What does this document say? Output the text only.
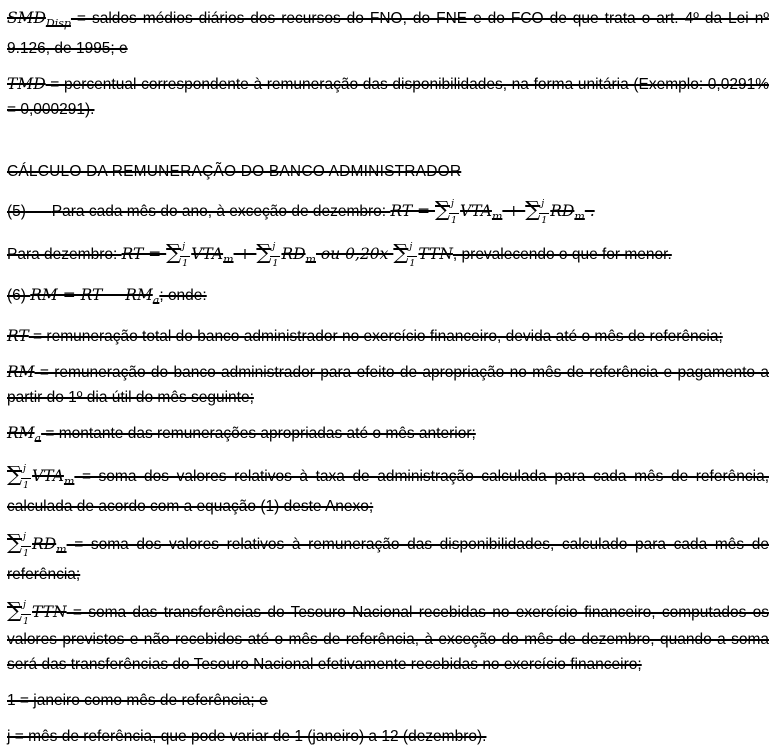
$SMD_{Disp}$ = saldos médios diários dos recursos do FNO, do FNE e do FCO de que trata o art. 4º da Lei nº 9.126, de 1995; e

TMD = percentual correspondente à remuneração das disponibilidades, na forma unitária (Exemplo: 0,0291% = 0,000291).

CÁLCULO DA REMUNERAÇÃO DO BANCO ADMINISTRADOR

(5) Para cada mês do ano, à exceção de dezembro: RT = ∑ j
1
$VTA_m$ + ∑ j
1
$RD_m$ .

Para dezembro: RT = ∑ j
1
$VTA_m$ + ∑ j
1
$RD_m$ ou 0,20x ∑ j
1
TTN, prevalecendo o que for menor.

(6) RM = RT − $RM_a$; onde:

RT = remuneração total do banco administrador no exercício financeiro, devida até o mês de referência;

RM = remuneração do banco administrador para efeito de apropriação no mês de referência e pagamento a partir do 1º dia útil do mês seguinte;

$RM_a$ = montante das remunerações apropriadas até o mês anterior;

∑ j
1
$VTA_m$ = soma dos valores relativos à taxa de administração calculada para cada mês de referência, calculada de acordo com a equação (1) deste Anexo;

∑ j
1
$RD_m$ = soma dos valores relativos à remuneração das disponibilidades, calculado para cada mês de referência;

∑ j
1
TTN = soma das transferências do Tesouro Nacional recebidas no exercício financeiro, computados os valores previstos e não recebidos até o mês de referência, à exceção do mês de dezembro, quando a soma será das transferências do Tesouro Nacional efetivamente recebidas no exercício financeiro;

1 = janeiro como mês de referência; e

j = mês de referência, que pode variar de 1 (janeiro) a 12 (dezembro).
